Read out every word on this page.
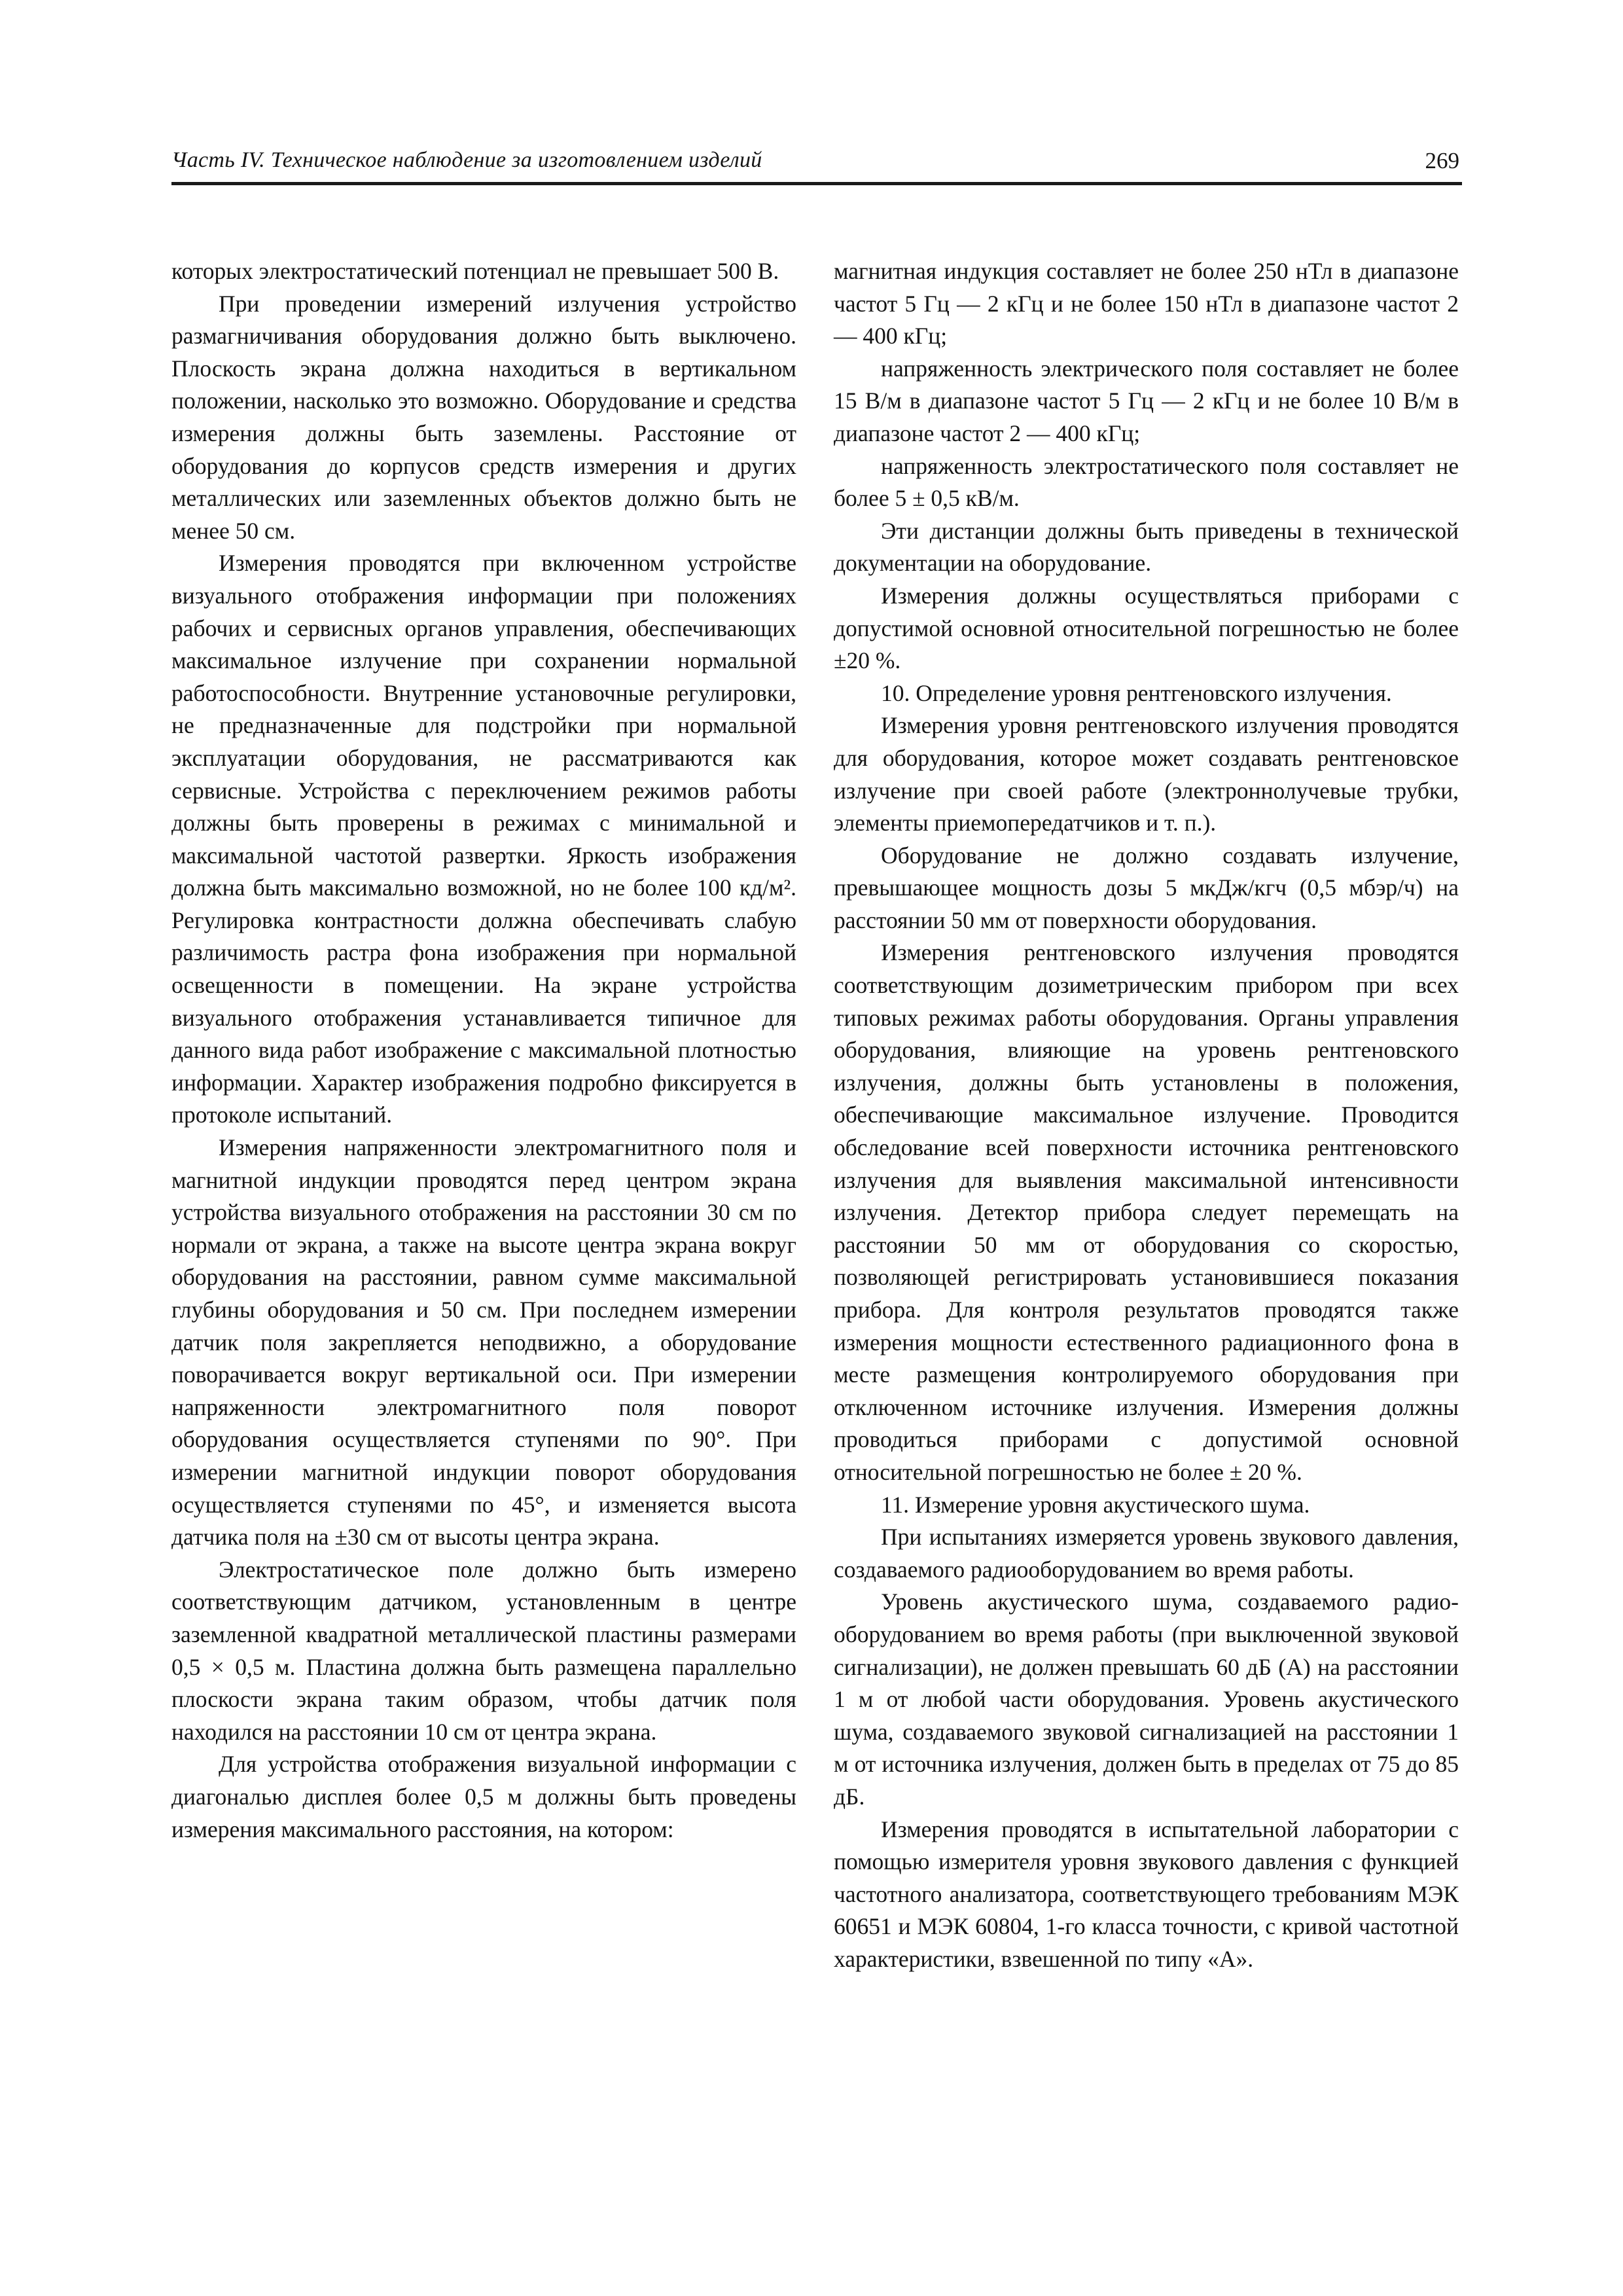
Часть IV. Техническое наблюдение за изготовлением изделий	269

которых электростатический потенциал не превышает 500 В.

При проведении измерений излучения устройство размагничивания оборудования должно быть выключено. Плоскость экрана должна находиться в вертикальном положении, насколько это возможно. Оборудование и средства измерения должны быть заземлены. Расстояние от оборудования до корпусов средств измерения и других металлических или заземленных объектов должно быть не менее 50 см.

Измерения проводятся при включенном устройстве визуального отображения информации при положениях рабочих и сервисных органов управления, обеспечивающих максимальное излучение при сохранении нормальной работоспособности. Внутренние установочные регулировки, не предназначенные для подстройки при нормальной эксплуатации оборудования, не рассматриваются как сервисные. Устройства с переключением режимов работы должны быть проверены в режимах с минимальной и максимальной частотой развертки. Яркость изображения должна быть максимально возможной, но не более 100 кд/м². Регулировка контрастности должна обеспечивать слабую различимость растра фона изображения при нормальной освещенности в помещении. На экране устройства визуального отображения устанавливается типичное для данного вида работ изображение с максимальной плотностью информации. Характер изображения подробно фиксируется в протоколе испытаний.

Измерения напряженности электромагнитного поля и магнитной индукции проводятся перед центром экрана устройства визуального отображения на расстоянии 30 см по нормали от экрана, а также на высоте центра экрана вокруг оборудования на расстоянии, равном сумме максимальной глубины оборудования и 50 см. При последнем измерении датчик поля закрепляется неподвижно, а оборудование поворачивается вокруг вертикальной оси. При измерении напряженности электромагнитного поля поворот оборудования осуществляется ступенями по 90°. При измерении магнитной индукции поворот оборудования осуществляется ступенями по 45°, и изменяется высота датчика поля на ±30 см от высоты центра экрана.

Электростатическое поле должно быть измерено соответствующим датчиком, установленным в центре заземленной квадратной металлической пластины размерами 0,5 × 0,5 м. Пластина должна быть размещена параллельно плоскости экрана таким образом, чтобы датчик поля находился на расстоянии 10 см от центра экрана.

Для устройства отображения визуальной информации с диагональю дисплея более 0,5 м должны быть проведены измерения максимального расстояния, на котором:

магнитная индукция составляет не более 250 нТл в диапазоне частот 5 Гц — 2 кГц и не более 150 нТл в диапазоне частот 2 — 400 кГц;

напряженность электрического поля составляет не более 15 В/м в диапазоне частот 5 Гц — 2 кГц и не более 10 В/м в диапазоне частот 2 — 400 кГц;

напряженность электростатического поля составляет не более 5 ± 0,5 кВ/м.

Эти дистанции должны быть приведены в технической документации на оборудование.

Измерения должны осуществляться приборами с допустимой основной относительной погрешностью не более ±20 %.

10. Определение уровня рентгеновского излучения.

Измерения уровня рентгеновского излучения проводятся для оборудования, которое может создавать рентгеновское излучение при своей работе (электроннолучевые трубки, элементы приемопередатчиков и т. п.).

Оборудование не должно создавать излучение, превышающее мощность дозы 5 мкДж/кгч (0,5 мбэр/ч) на расстоянии 50 мм от поверхности оборудования.

Измерения рентгеновского излучения проводятся соответствующим дозиметрическим прибором при всех типовых режимах работы оборудования. Органы управления оборудования, влияющие на уровень рентгеновского излучения, должны быть установлены в положения, обеспечивающие максимальное излучение. Проводится обследование всей поверхности источника рентгеновского излучения для выявления максимальной интенсивности излучения. Детектор прибора следует перемещать на расстоянии 50 мм от оборудования со скоростью, позволяющей регистрировать установившиеся показания прибора. Для контроля результатов проводятся также измерения мощности естественного радиационного фона в месте размещения контролируемого оборудования при отключенном источнике излучения. Измерения должны проводиться приборами с допустимой основной относительной погрешностью не более ± 20 %.

11. Измерение уровня акустического шума.

При испытаниях измеряется уровень звукового давления, создаваемого радиооборудованием во время работы.

Уровень акустического шума, создаваемого радиооборудованием во время работы (при выключенной звуковой сигнализации), не должен превышать 60 дБ (А) на расстоянии 1 м от любой части оборудования. Уровень акустического шума, создаваемого звуковой сигнализацией на расстоянии 1 м от источника излучения, должен быть в пределах от 75 до 85 дБ.

Измерения проводятся в испытательной лаборатории с помощью измерителя уровня звукового давления с функцией частотного анализатора, соответствующего требованиям МЭК 60651 и МЭК 60804, 1-го класса точности, с кривой частотной характеристики, взвешенной по типу «А».
